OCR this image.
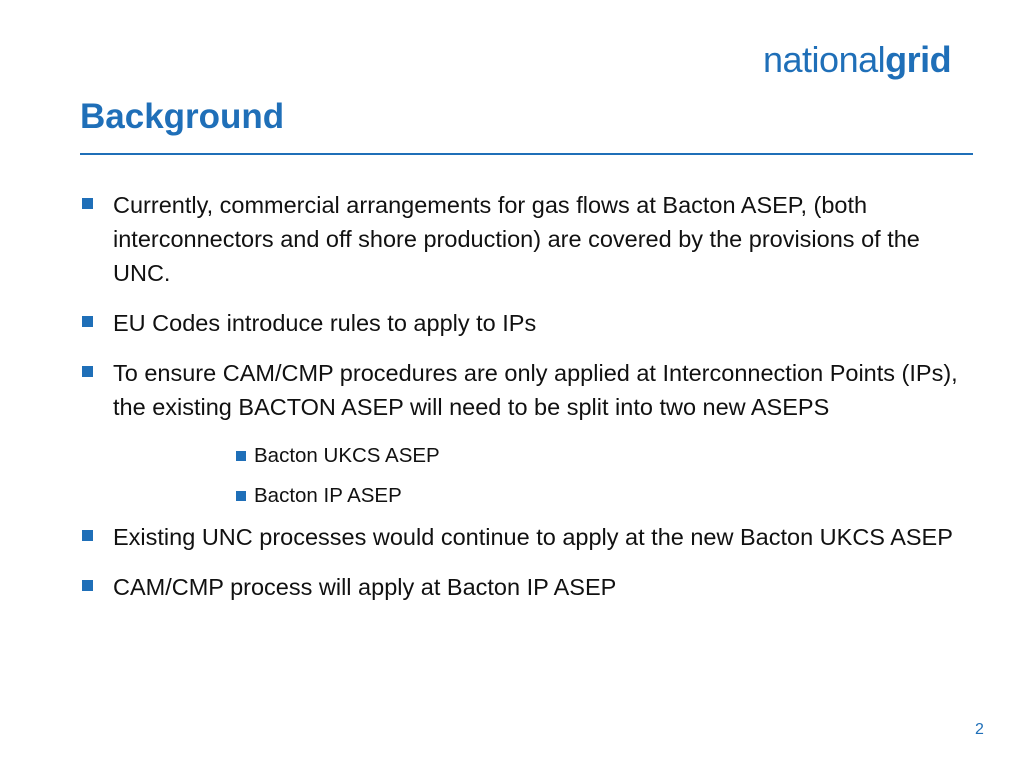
nationalgrid
Background
Currently, commercial arrangements for gas flows at Bacton ASEP, (both interconnectors and off shore production) are covered by the provisions of the UNC.
EU Codes introduce rules to apply to IPs
To ensure CAM/CMP procedures are only applied at Interconnection Points (IPs), the existing BACTON ASEP will need to be split into two new ASEPS
Bacton UKCS ASEP
Bacton IP ASEP
Existing UNC processes would continue to apply at the new Bacton UKCS ASEP
CAM/CMP process will apply at Bacton IP ASEP
2
